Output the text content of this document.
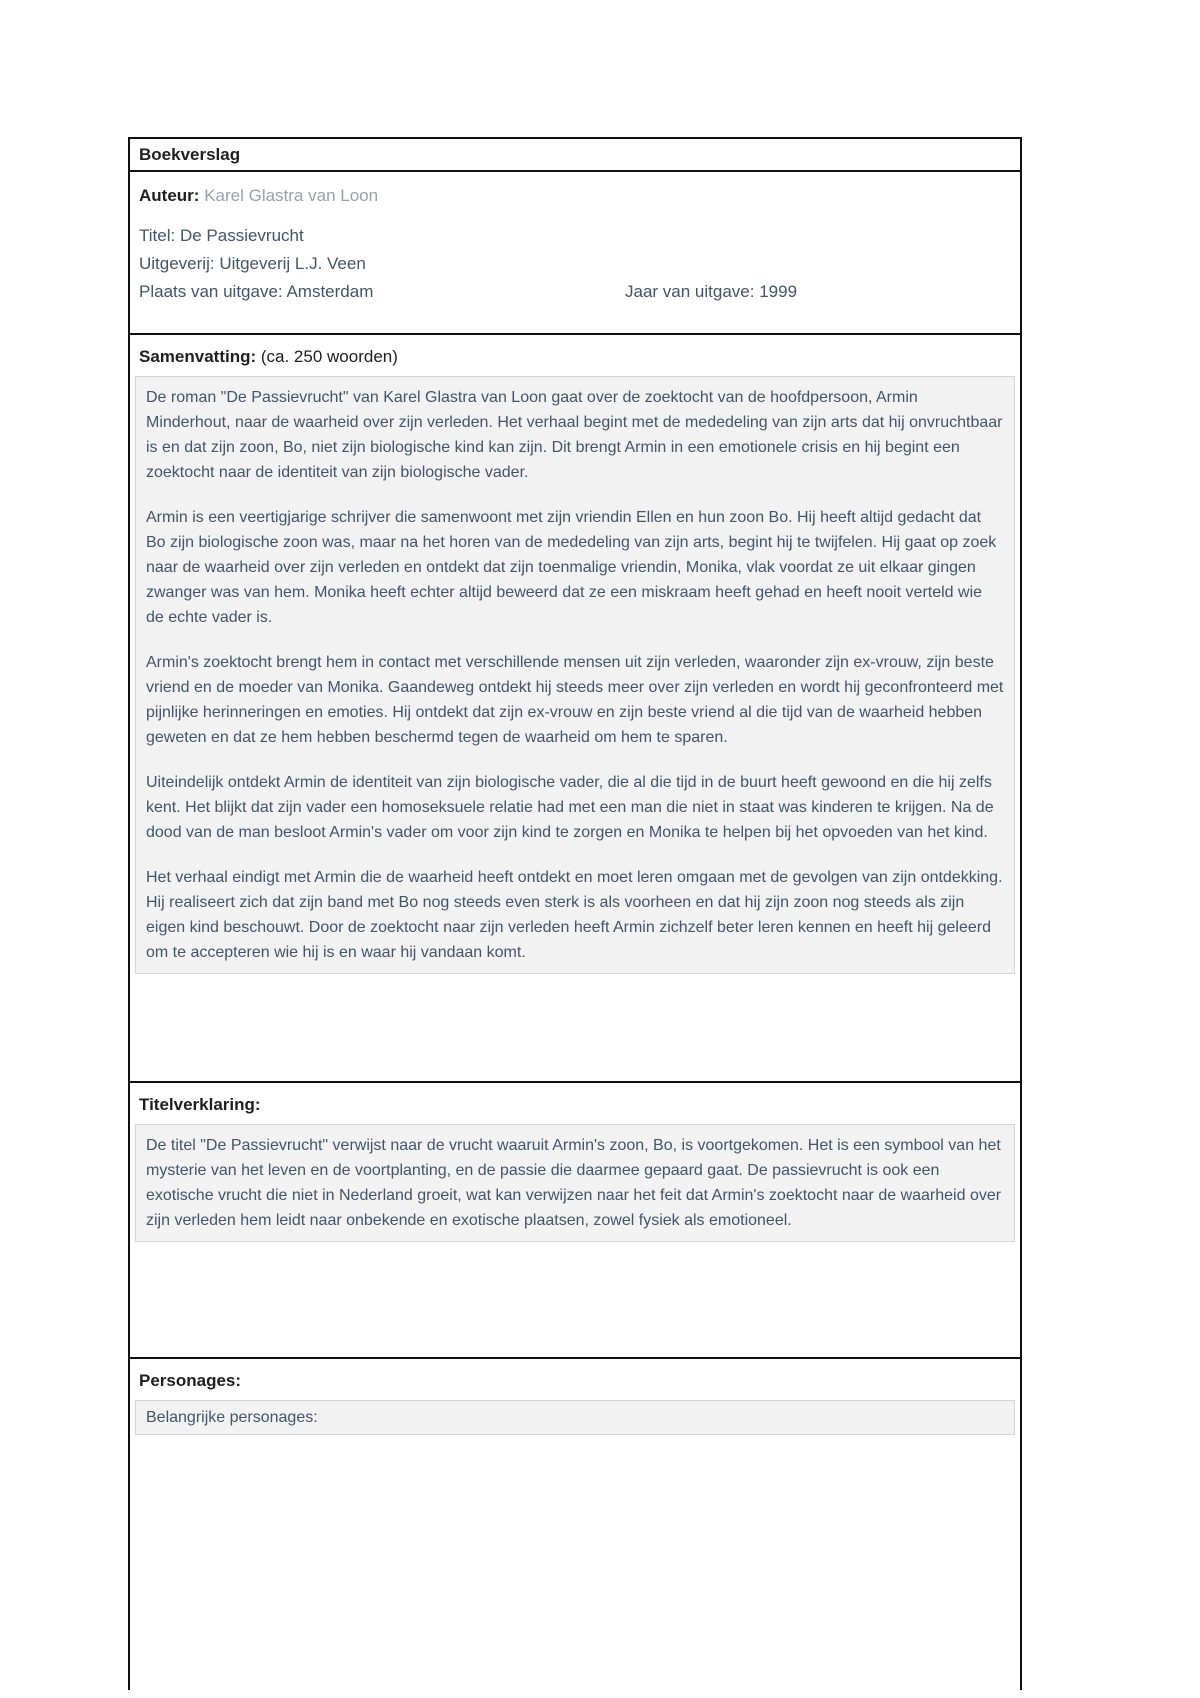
Boekverslag

Auteur: Karel Glastra van Loon

Titel: De Passievrucht

Uitgeverij: Uitgeverij L.J. Veen

Plaats van uitgave: Amsterdam	Jaar van uitgave: 1999

Samenvatting: (ca. 250 woorden)

De roman "De Passievrucht" van Karel Glastra van Loon gaat over de zoektocht van de hoofdpersoon, Armin Minderhout, naar de waarheid over zijn verleden. Het verhaal begint met de mededeling van zijn arts dat hij onvruchtbaar is en dat zijn zoon, Bo, niet zijn biologische kind kan zijn. Dit brengt Armin in een emotionele crisis en hij begint een zoektocht naar de identiteit van zijn biologische vader.

Armin is een veertigjarige schrijver die samenwoont met zijn vriendin Ellen en hun zoon Bo. Hij heeft altijd gedacht dat Bo zijn biologische zoon was, maar na het horen van de mededeling van zijn arts, begint hij te twijfelen. Hij gaat op zoek naar de waarheid over zijn verleden en ontdekt dat zijn toenmalige vriendin, Monika, vlak voordat ze uit elkaar gingen zwanger was van hem. Monika heeft echter altijd beweerd dat ze een miskraam heeft gehad en heeft nooit verteld wie de echte vader is.

Armin's zoektocht brengt hem in contact met verschillende mensen uit zijn verleden, waaronder zijn ex-vrouw, zijn beste vriend en de moeder van Monika. Gaandeweg ontdekt hij steeds meer over zijn verleden en wordt hij geconfronteerd met pijnlijke herinneringen en emoties. Hij ontdekt dat zijn ex-vrouw en zijn beste vriend al die tijd van de waarheid hebben geweten en dat ze hem hebben beschermd tegen de waarheid om hem te sparen.

Uiteindelijk ontdekt Armin de identiteit van zijn biologische vader, die al die tijd in de buurt heeft gewoond en die hij zelfs kent. Het blijkt dat zijn vader een homoseksuele relatie had met een man die niet in staat was kinderen te krijgen. Na de dood van de man besloot Armin's vader om voor zijn kind te zorgen en Monika te helpen bij het opvoeden van het kind.

Het verhaal eindigt met Armin die de waarheid heeft ontdekt en moet leren omgaan met de gevolgen van zijn ontdekking. Hij realiseert zich dat zijn band met Bo nog steeds even sterk is als voorheen en dat hij zijn zoon nog steeds als zijn eigen kind beschouwt. Door de zoektocht naar zijn verleden heeft Armin zichzelf beter leren kennen en heeft hij geleerd om te accepteren wie hij is en waar hij vandaan komt.

Titelverklaring:

De titel "De Passievrucht" verwijst naar de vrucht waaruit Armin's zoon, Bo, is voortgekomen. Het is een symbool van het mysterie van het leven en de voortplanting, en de passie die daarmee gepaard gaat. De passievrucht is ook een exotische vrucht die niet in Nederland groeit, wat kan verwijzen naar het feit dat Armin's zoektocht naar de waarheid over zijn verleden hem leidt naar onbekende en exotische plaatsen, zowel fysiek als emotioneel.

Personages:

Belangrijke personages:
